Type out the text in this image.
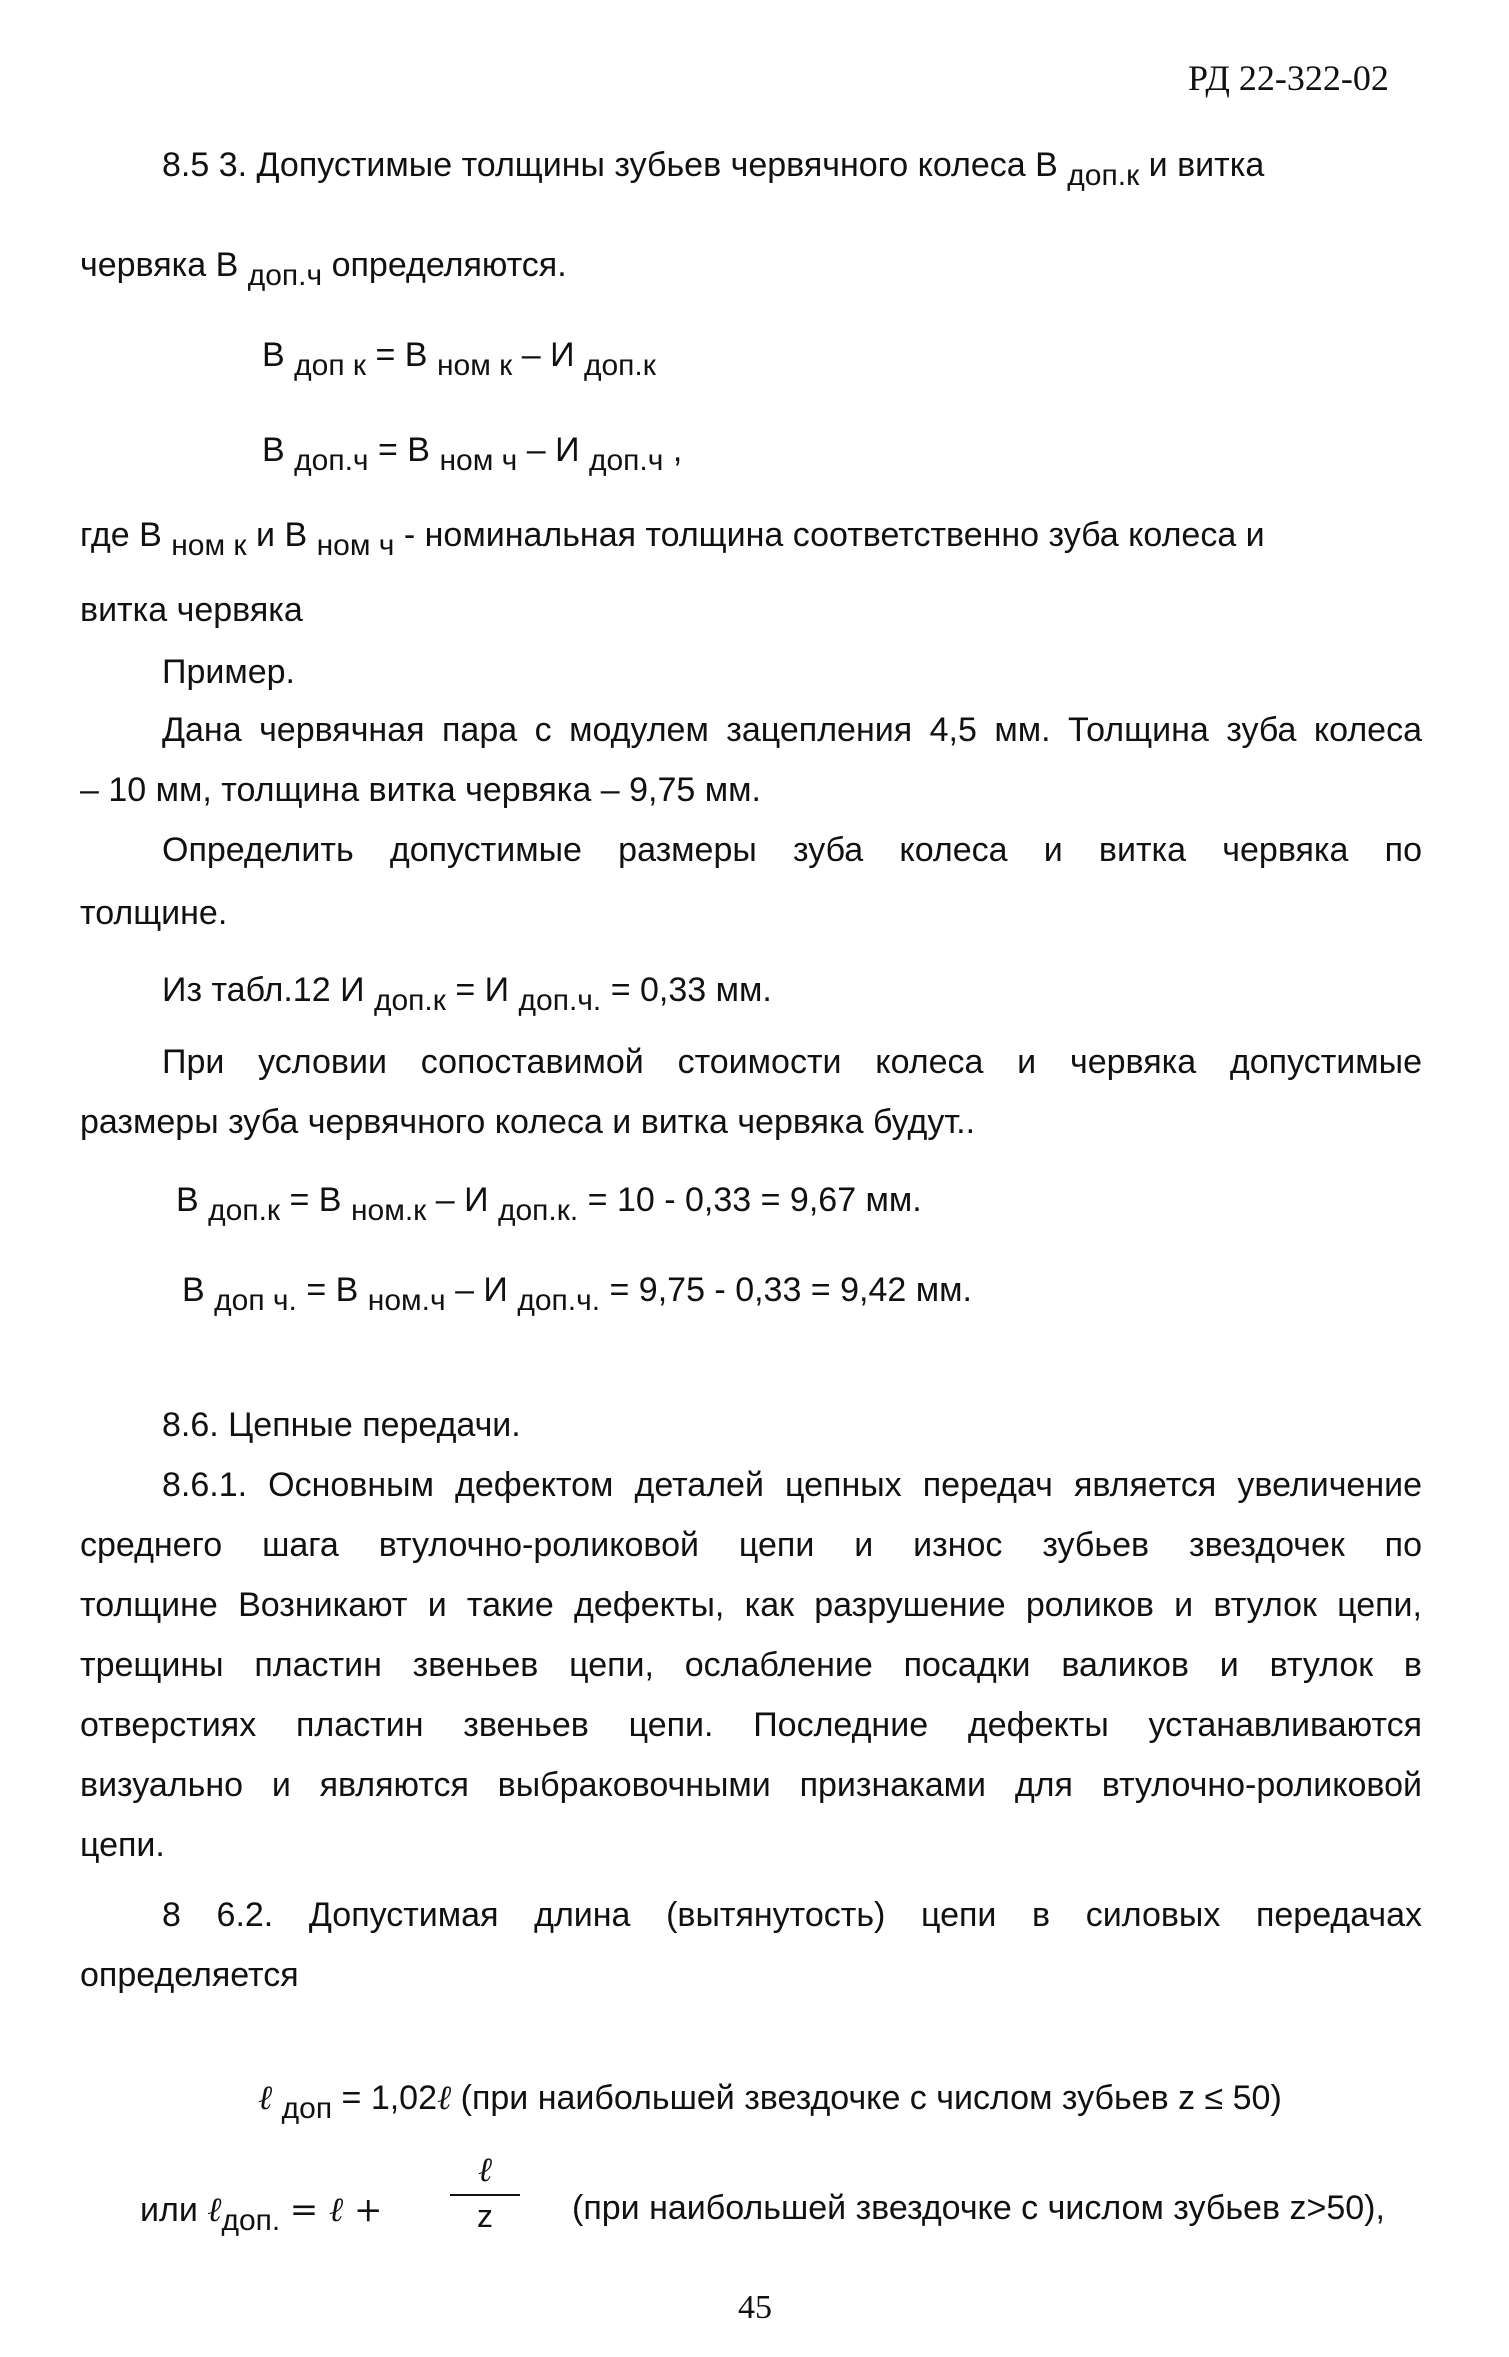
РД 22-322-02
8.5 3. Допустимые толщины зубьев червячного колеса B $_{доп.к}$ и витка
червяка B $_{доп.ч}$ определяются.
B $_{доп к}$ = B $_{ном к}$ – И $_{доп.к}$
B $_{доп.ч}$ = B $_{ном ч}$ – И $_{доп.ч}$ ,
где B $_{ном к}$ и B $_{ном ч}$ - номинальная толщина соответственно зуба колеса и
витка червяка
Пример.
Дана червячная пара с модулем зацепления 4,5 мм. Толщина зуба колеса
– 10 мм, толщина витка червяка – 9,75 мм.
Определить допустимые размеры зуба колеса и витка червяка по
толщине.
Из табл.12 И $_{доп.к}$ = И $_{доп.ч.}$ = 0,33 мм.
При условии сопоставимой стоимости колеса и червяка допустимые
размеры зуба червячного колеса и витка червяка будут..
B $_{доп.к}$ = B $_{ном.к}$ – И $_{доп.к.}$ = 10 - 0,33 = 9,67 мм.
B $_{доп ч.}$ = B $_{ном.ч}$ – И $_{доп.ч.}$ = 9,75 - 0,33 = 9,42 мм.
8.6. Цепные передачи.
8.6.1. Основным дефектом деталей цепных передач является увеличение
среднего шага втулочно-роликовой цепи и износ зубьев звездочек по
толщине Возникают и такие дефекты, как разрушение роликов и втулок цепи,
трещины пластин звеньев цепи, ослабление посадки валиков и втулок в
отверстиях пластин звеньев цепи. Последние дефекты устанавливаются
визуально и являются выбраковочными признаками для втулочно-роликовой
цепи.
8 6.2. Допустимая длина (вытянутость) цепи в силовых передачах
определяется
ℓ $_{доп}$ = 1,02ℓ (при наибольшей звездочке с числом зубьев z ≤ 50)
или ℓ$_{доп.}$ = ℓ +
ℓ
z	(при наибольшей звездочке с числом зубьев z>50),
45
